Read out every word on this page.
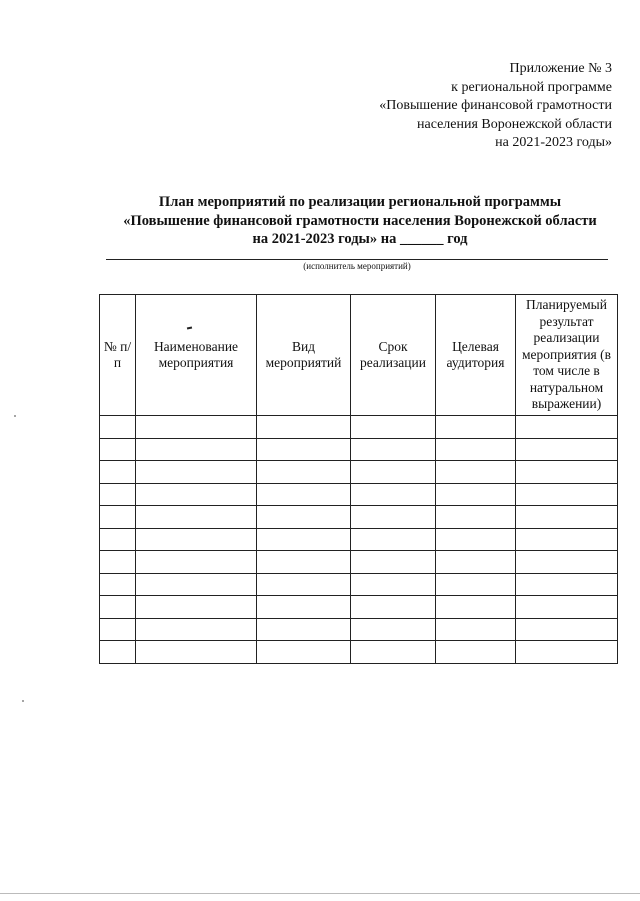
Приложение № 3
к региональной программе
«Повышение финансовой грамотности
населения Воронежской области
на 2021-2023 годы»
План мероприятий по реализации региональной программы
«Повышение финансовой грамотности населения Воронежской области
на 2021-2023 годы» на ______ год
(исполнитель мероприятий)
№ п/п	Наименование мероприятия	Вид мероприятий	Срок реализации	Целевая аудитория	Планируемый результат реализации мероприятия (в том числе в натуральном выражении)
